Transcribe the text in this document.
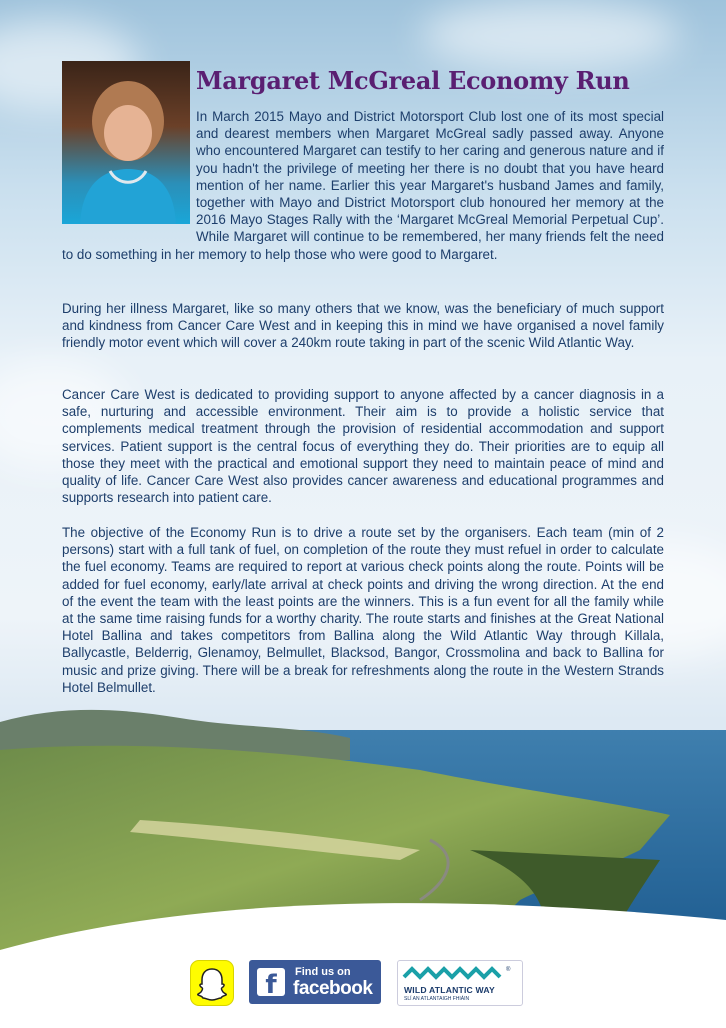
Margaret McGreal Economy Run
In March 2015 Mayo and District Motorsport Club lost one of its most special and dearest members when Margaret McGreal sadly passed away. Anyone who encountered Margaret can testify to her caring and generous nature and if you hadn't the privilege of meeting her there is no doubt that you have heard mention of her name. Earlier this year Margaret's husband James and family, together with Mayo and District Motorsport club honoured her memory at the 2016 Mayo Stages Rally with the ‘Margaret McGreal Memorial Perpetual Cup’. While Margaret will continue to be remembered, her many friends felt the need to do something in her memory to help those who were good to Margaret.
During her illness Margaret, like so many others that we know, was the beneficiary of much support and kindness from Cancer Care West and in keeping this in mind we have organised a novel family friendly motor event which will cover a 240km route taking in part of the scenic Wild Atlantic Way.
Cancer Care West is dedicated to providing support to anyone affected by a cancer diagnosis in a safe, nurturing and accessible environment. Their aim is to provide a holistic service that complements medical treatment through the provision of residential accommodation and support services. Patient support is the central focus of everything they do. Their priorities are to equip all those they meet with the practical and emotional support they need to maintain peace of mind and quality of life. Cancer Care West also provides cancer awareness and educational programmes and supports research into patient care.
The objective of the Economy Run is to drive a route set by the organisers. Each team (min of 2 persons) start with a full tank of fuel, on completion of the route they must refuel in order to calculate the fuel economy. Teams are required to report at various check points along the route. Points will be added for fuel economy, early/late arrival at check points and driving the wrong direction. At the end of the event the team with the least points are the winners. This is a fun event for all the family while at the same time raising funds for a worthy charity. The route starts and finishes at the Great National Hotel Ballina and takes competitors from Ballina along the Wild Atlantic Way through Killala, Ballycastle, Belderrig, Glenamoy, Belmullet, Blacksod, Bangor, Crossmolina and back to Ballina for music and prize giving. There will be a break for refreshments along the route in the Western Strands Hotel Belmullet.
f	Find us on
facebook
®
WILD ATLANTIC WAY
SLÍ AN ATLANTAIGH FHIÁIN
